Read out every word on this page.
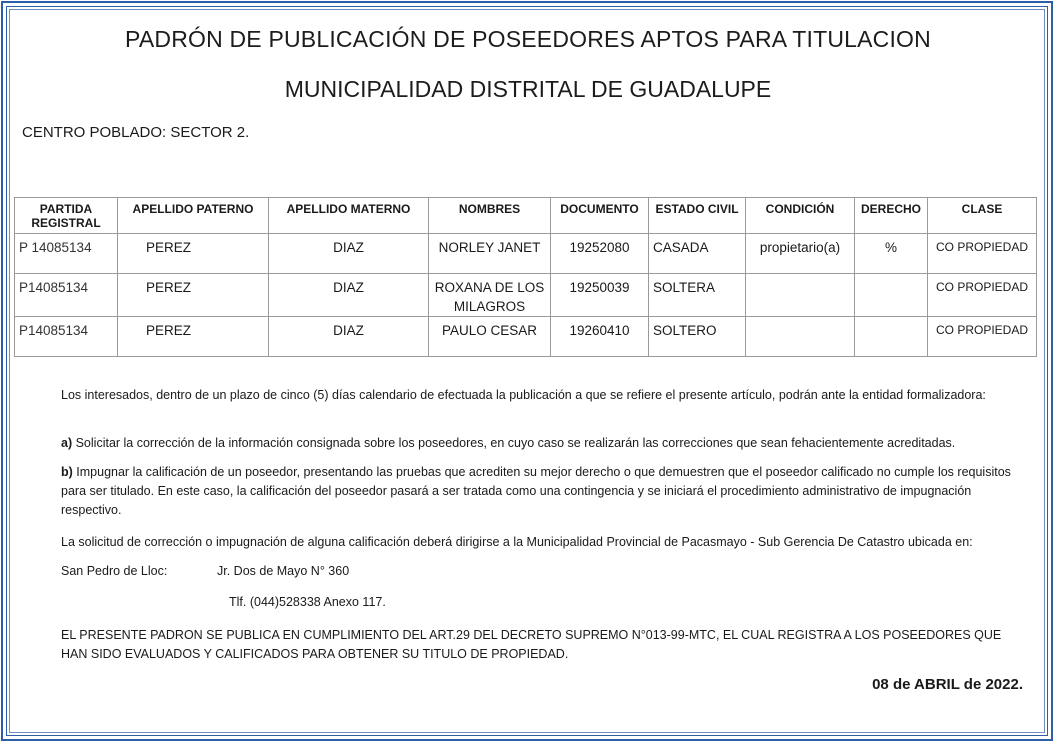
PADRÓN DE PUBLICACIÓN DE POSEEDORES APTOS PARA TITULACION
MUNICIPALIDAD DISTRITAL DE GUADALUPE
CENTRO POBLADO: SECTOR 2.
PARTIDA REGISTRAL	APELLIDO PATERNO	APELLIDO MATERNO	NOMBRES	DOCUMENTO	ESTADO CIVIL	CONDICIÓN	DERECHO	CLASE
P 14085134	PEREZ	DIAZ	NORLEY JANET	19252080	CASADA	propietario(a)	%	CO PROPIEDAD
P14085134	PEREZ	DIAZ	ROXANA DE LOS MILAGROS	19250039	SOLTERA			CO PROPIEDAD
P14085134	PEREZ	DIAZ	PAULO CESAR	19260410	SOLTERO			CO PROPIEDAD
Los interesados, dentro de un plazo de cinco (5) días calendario de efectuada la publicación a que se refiere el presente artículo, podrán ante la entidad formalizadora:
a) Solicitar la corrección de la información consignada sobre los poseedores, en cuyo caso se realizarán las correcciones que sean fehacientemente acreditadas.
b) Impugnar la calificación de un poseedor, presentando las pruebas que acrediten su mejor derecho o que demuestren que el poseedor calificado no cumple los requisitos para ser titulado. En este caso, la calificación del poseedor pasará a ser tratada como una contingencia y se iniciará el procedimiento administrativo de impugnación respectivo.
La solicitud de corrección o impugnación de alguna calificación deberá dirigirse a la Municipalidad Provincial de Pacasmayo - Sub Gerencia De Catastro ubicada en:
San Pedro de Lloc:	Jr. Dos de Mayo N° 360
Tlf. (044)528338 Anexo 117.
EL PRESENTE PADRON SE PUBLICA EN CUMPLIMIENTO DEL ART.29 DEL DECRETO SUPREMO N°013-99-MTC, EL CUAL REGISTRA A LOS POSEEDORES QUE HAN SIDO EVALUADOS Y CALIFICADOS PARA OBTENER SU TITULO DE PROPIEDAD.
08 de ABRIL de 2022.
